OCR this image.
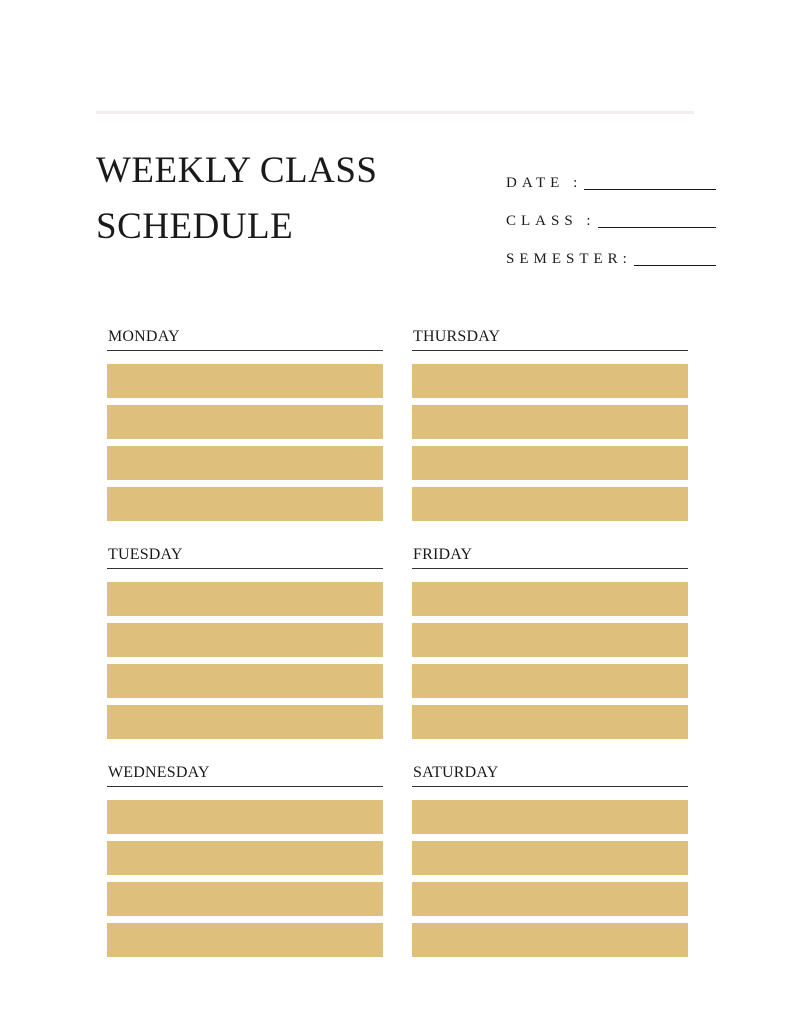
WEEKLY CLASS
SCHEDULE
DATE :
CLASS :
SEMESTER:
MONDAY	THURSDAY
TUESDAY	FRIDAY
WEDNESDAY	SATURDAY
